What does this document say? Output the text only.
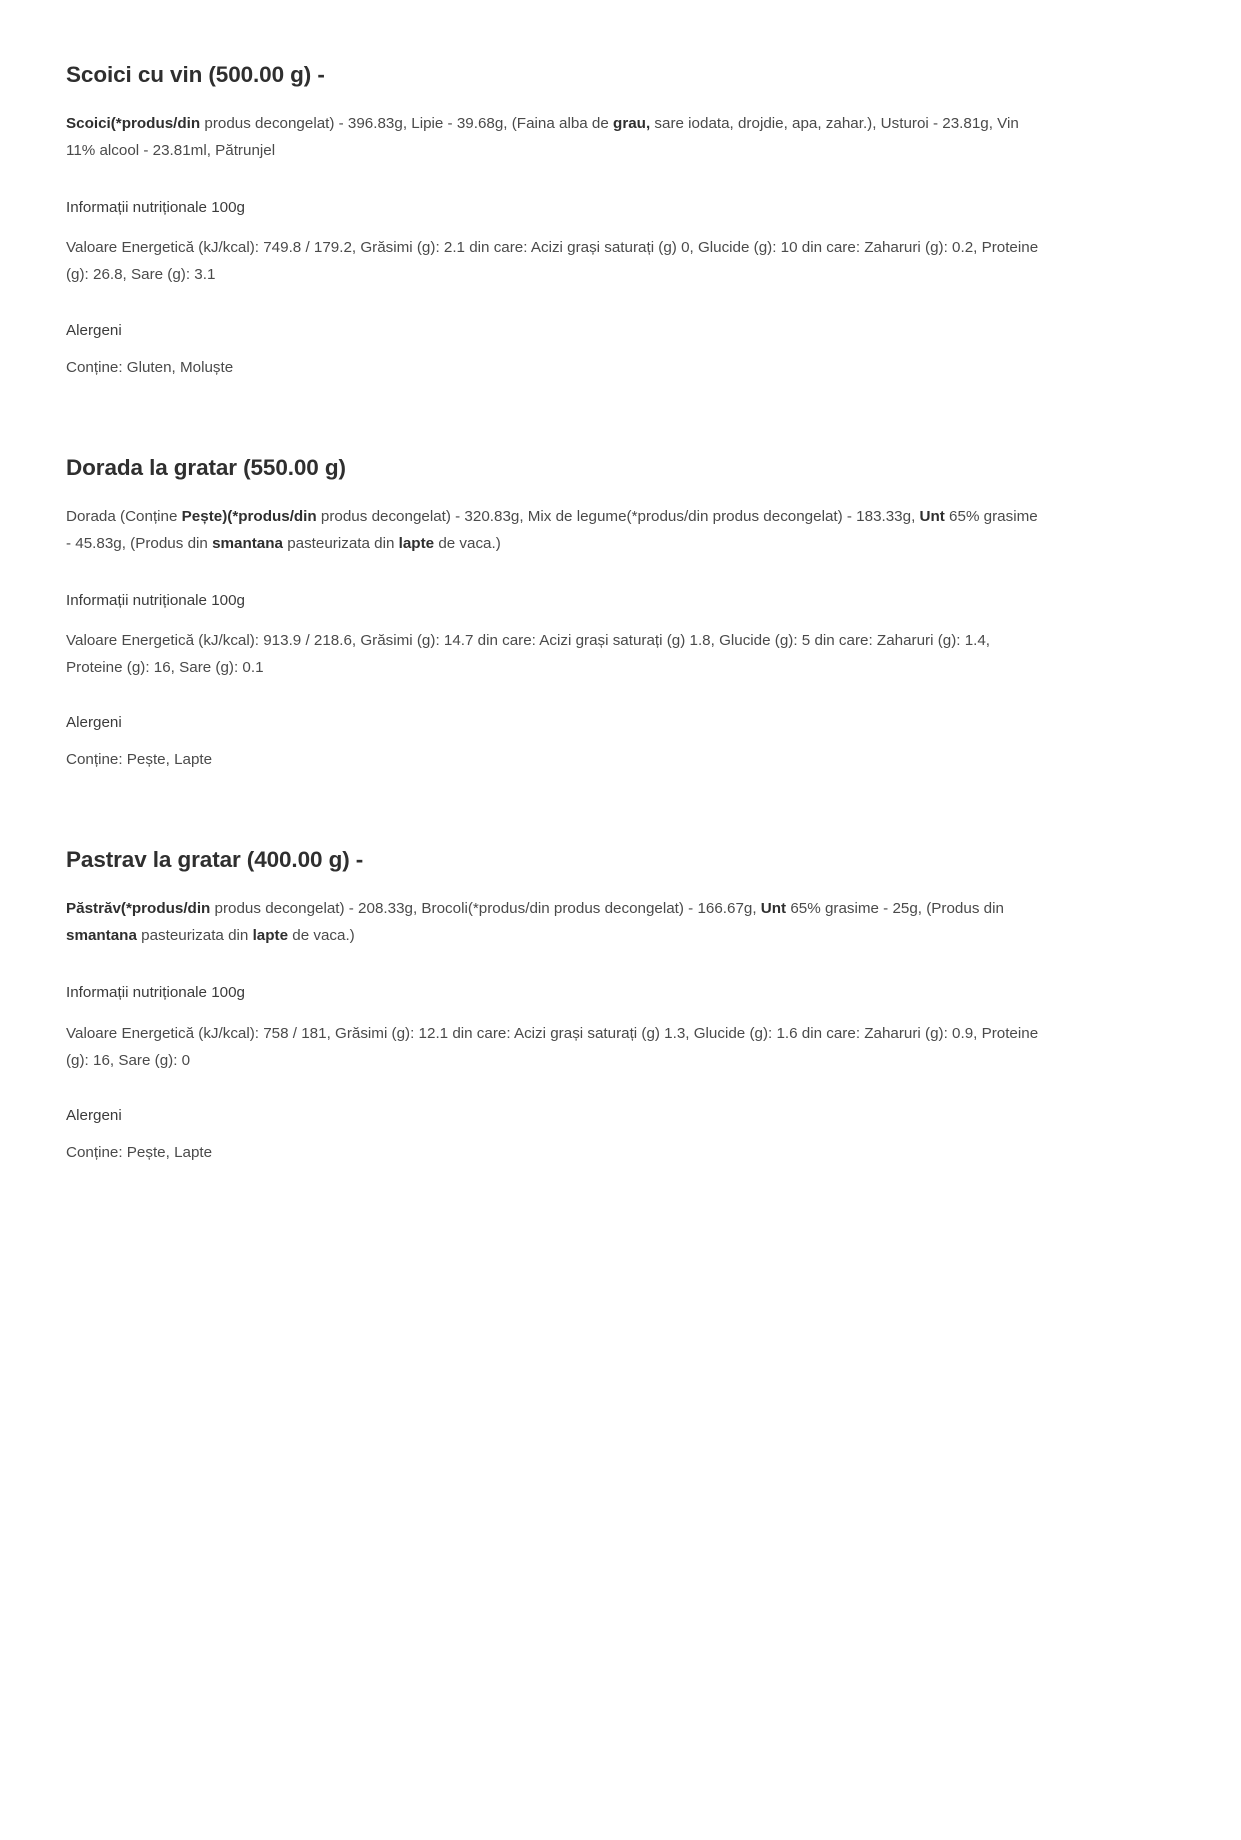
Scoici cu vin (500.00 g) -

Scoici(*produs/din produs decongelat) - 396.83g, Lipie - 39.68g, (Faina alba de grau, sare iodata, drojdie, apa, zahar.), Usturoi - 23.81g, Vin 11% alcool - 23.81ml, Pătrunjel

Informații nutriționale 100g

Valoare Energetică (kJ/kcal): 749.8 / 179.2, Grăsimi (g): 2.1 din care: Acizi grași saturați (g) 0, Glucide (g): 10 din care: Zaharuri (g): 0.2, Proteine (g): 26.8, Sare (g): 3.1

Alergeni

Conține: Gluten, Moluște

Dorada la gratar (550.00 g)

Dorada (Conține Pește)(*produs/din produs decongelat) - 320.83g, Mix de legume(*produs/din produs decongelat) - 183.33g, Unt 65% grasime - 45.83g, (Produs din smantana pasteurizata din lapte de vaca.)

Informații nutriționale 100g

Valoare Energetică (kJ/kcal): 913.9 / 218.6, Grăsimi (g): 14.7 din care: Acizi grași saturați (g) 1.8, Glucide (g): 5 din care: Zaharuri (g): 1.4, Proteine (g): 16, Sare (g): 0.1

Alergeni

Conține: Pește, Lapte

Pastrav la gratar (400.00 g) -

Păstrăv(*produs/din produs decongelat) - 208.33g, Brocoli(*produs/din produs decongelat) - 166.67g, Unt 65% grasime - 25g, (Produs din smantana pasteurizata din lapte de vaca.)

Informații nutriționale 100g

Valoare Energetică (kJ/kcal): 758 / 181, Grăsimi (g): 12.1 din care: Acizi grași saturați (g) 1.3, Glucide (g): 1.6 din care: Zaharuri (g): 0.9, Proteine (g): 16, Sare (g): 0

Alergeni

Conține: Pește, Lapte
